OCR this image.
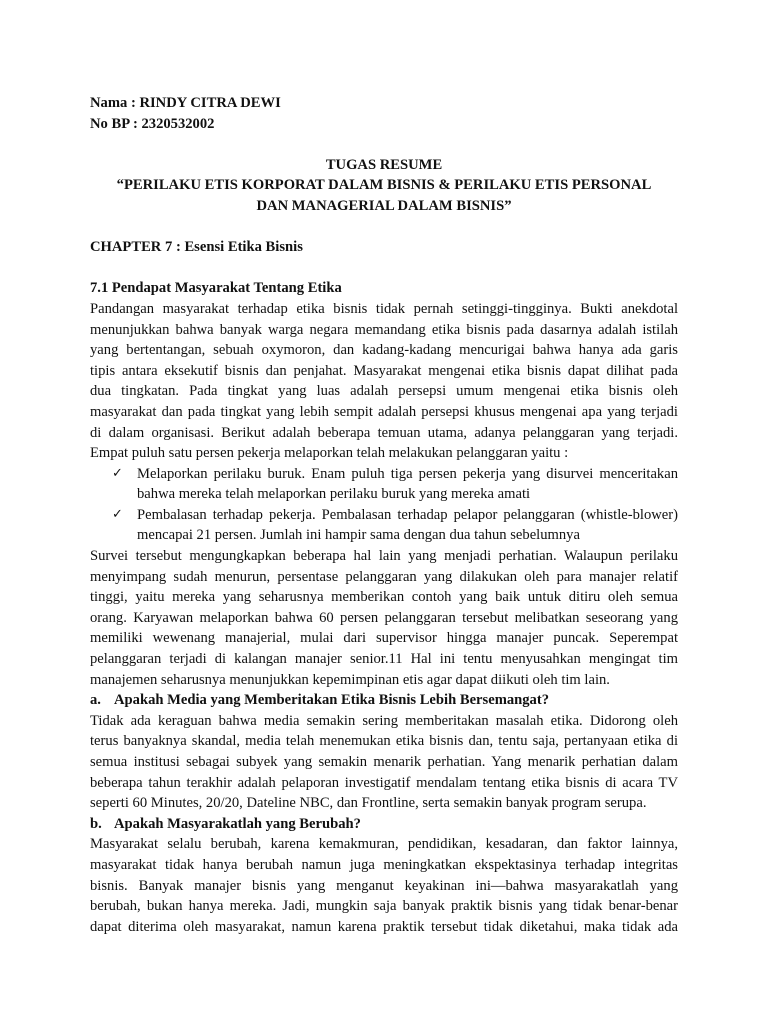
Nama : RINDY CITRA DEWI
No BP : 2320532002
TUGAS RESUME
“PERILAKU ETIS KORPORAT DALAM BISNIS & PERILAKU ETIS PERSONAL
DAN MANAGERIAL DALAM BISNIS”
CHAPTER 7 : Esensi Etika Bisnis
7.1 Pendapat Masyarakat Tentang Etika
Pandangan masyarakat terhadap etika bisnis tidak pernah setinggi-tingginya. Bukti anekdotal
menunjukkan bahwa banyak warga negara memandang etika bisnis pada dasarnya adalah istilah
yang bertentangan, sebuah oxymoron, dan kadang-kadang mencurigai bahwa hanya ada garis
tipis antara eksekutif bisnis dan penjahat. Masyarakat mengenai etika bisnis dapat dilihat pada
dua tingkatan. Pada tingkat yang luas adalah persepsi umum mengenai etika bisnis oleh
masyarakat dan pada tingkat yang lebih sempit adalah persepsi khusus mengenai apa yang terjadi
di dalam organisasi. Berikut adalah beberapa temuan utama, adanya pelanggaran yang terjadi.
Empat puluh satu persen pekerja melaporkan telah melakukan pelanggaran yaitu :
✓ Melaporkan perilaku buruk. Enam puluh tiga persen pekerja yang disurvei menceritakan
bahwa mereka telah melaporkan perilaku buruk yang mereka amati
✓ Pembalasan terhadap pekerja. Pembalasan terhadap pelapor pelanggaran (whistle-blower)
mencapai 21 persen. Jumlah ini hampir sama dengan dua tahun sebelumnya
Survei tersebut mengungkapkan beberapa hal lain yang menjadi perhatian. Walaupun perilaku
menyimpang sudah menurun, persentase pelanggaran yang dilakukan oleh para manajer relatif
tinggi, yaitu mereka yang seharusnya memberikan contoh yang baik untuk ditiru oleh semua
orang. Karyawan melaporkan bahwa 60 persen pelanggaran tersebut melibatkan seseorang yang
memiliki wewenang manajerial, mulai dari supervisor hingga manajer puncak. Seperempat
pelanggaran terjadi di kalangan manajer senior.11 Hal ini tentu menyusahkan mengingat tim
manajemen seharusnya menunjukkan kepemimpinan etis agar dapat diikuti oleh tim lain.
a. Apakah Media yang Memberitakan Etika Bisnis Lebih Bersemangat?
Tidak ada keraguan bahwa media semakin sering memberitakan masalah etika. Didorong oleh
terus banyaknya skandal, media telah menemukan etika bisnis dan, tentu saja, pertanyaan etika di
semua institusi sebagai subyek yang semakin menarik perhatian. Yang menarik perhatian dalam
beberapa tahun terakhir adalah pelaporan investigatif mendalam tentang etika bisnis di acara TV
seperti 60 Minutes, 20/20, Dateline NBC, dan Frontline, serta semakin banyak program serupa.
b. Apakah Masyarakatlah yang Berubah?
Masyarakat selalu berubah, karena kemakmuran, pendidikan, kesadaran, dan faktor lainnya,
masyarakat tidak hanya berubah namun juga meningkatkan ekspektasinya terhadap integritas
bisnis. Banyak manajer bisnis yang menganut keyakinan ini—bahwa masyarakatlah yang
berubah, bukan hanya mereka. Jadi, mungkin saja banyak praktik bisnis yang tidak benar-benar
dapat diterima oleh masyarakat, namun karena praktik tersebut tidak diketahui, maka tidak ada
